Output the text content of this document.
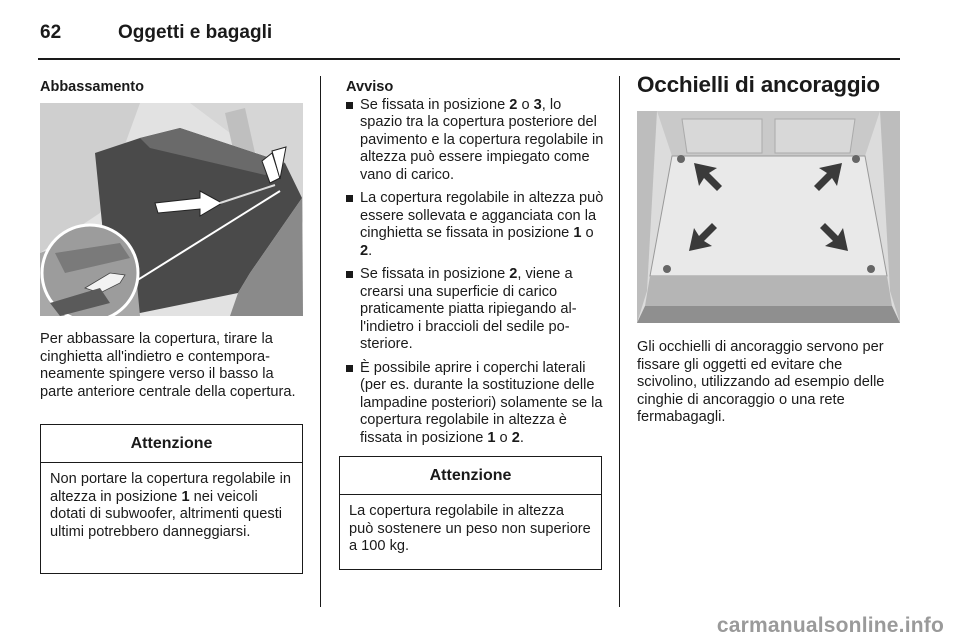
62	Oggetti e bagagli
Abbassamento

Per abbassare la copertura, tirare la cinghietta all'indietro e contemporaneamente spingere verso il basso la parte anteriore centrale della copertura.

Attenzione
Non portare la copertura regolabile in altezza in posizione 1 nei veicoli dotati di subwoofer, altrimenti questi ultimi potrebbero danneggiarsi.
Avviso
Se fissata in posizione 2 o 3, lo spazio tra la copertura posteriore del pavimento e la copertura regolabile in altezza può essere impiegato come vano di carico.
La copertura regolabile in altezza può essere sollevata e agganciata con la cinghietta se fissata in posizione 1 o 2.
Se fissata in posizione 2, viene a crearsi una superficie di carico praticamente piatta ripiegando all'indietro i braccioli del sedile posteriore.
È possibile aprire i coperchi laterali (per es. durante la sostituzione delle lampadine posteriori) solamente se la copertura regolabile in altezza è fissata in posizione 1 o 2.
Attenzione
La copertura regolabile in altezza può sostenere un peso non superiore a 100 kg.
Occhielli di ancoraggio

Gli occhielli di ancoraggio servono per fissare gli oggetti ed evitare che scivolino, utilizzando ad esempio delle cinghie di ancoraggio o una rete fermabagagli.

carmanualsonline.info
